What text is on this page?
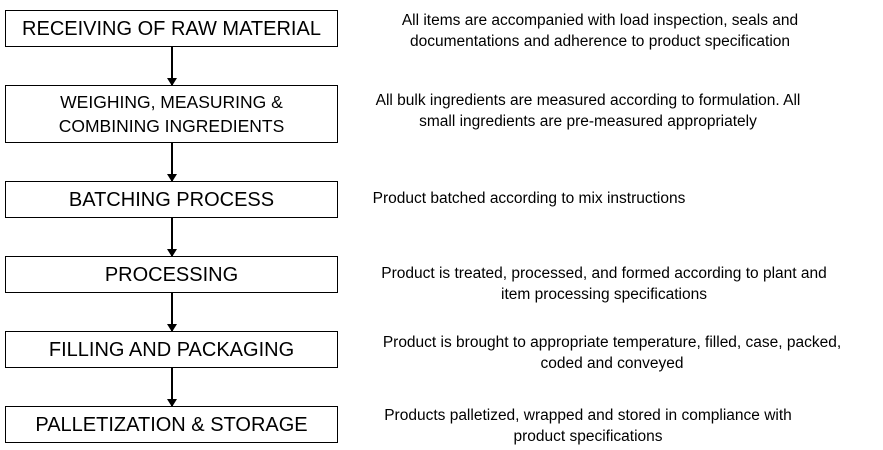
RECEIVING OF RAW MATERIAL	All items are accompanied with load inspection, seals and
documentations and adherence to product specification
WEIGHING, MEASURING &
COMBINING INGREDIENTS
All bulk ingredients are measured according to formulation. All
small ingredients are pre-measured appropriately
BATCHING PROCESS	Product batched according to mix instructions
PROCESSING	Product is treated, processed, and formed according to plant and
item processing specifications
FILLING AND PACKAGING	Product is brought to appropriate temperature, filled, case, packed,
coded and conveyed
PALLETIZATION & STORAGE	Products palletized, wrapped and stored in compliance with
product specifications
